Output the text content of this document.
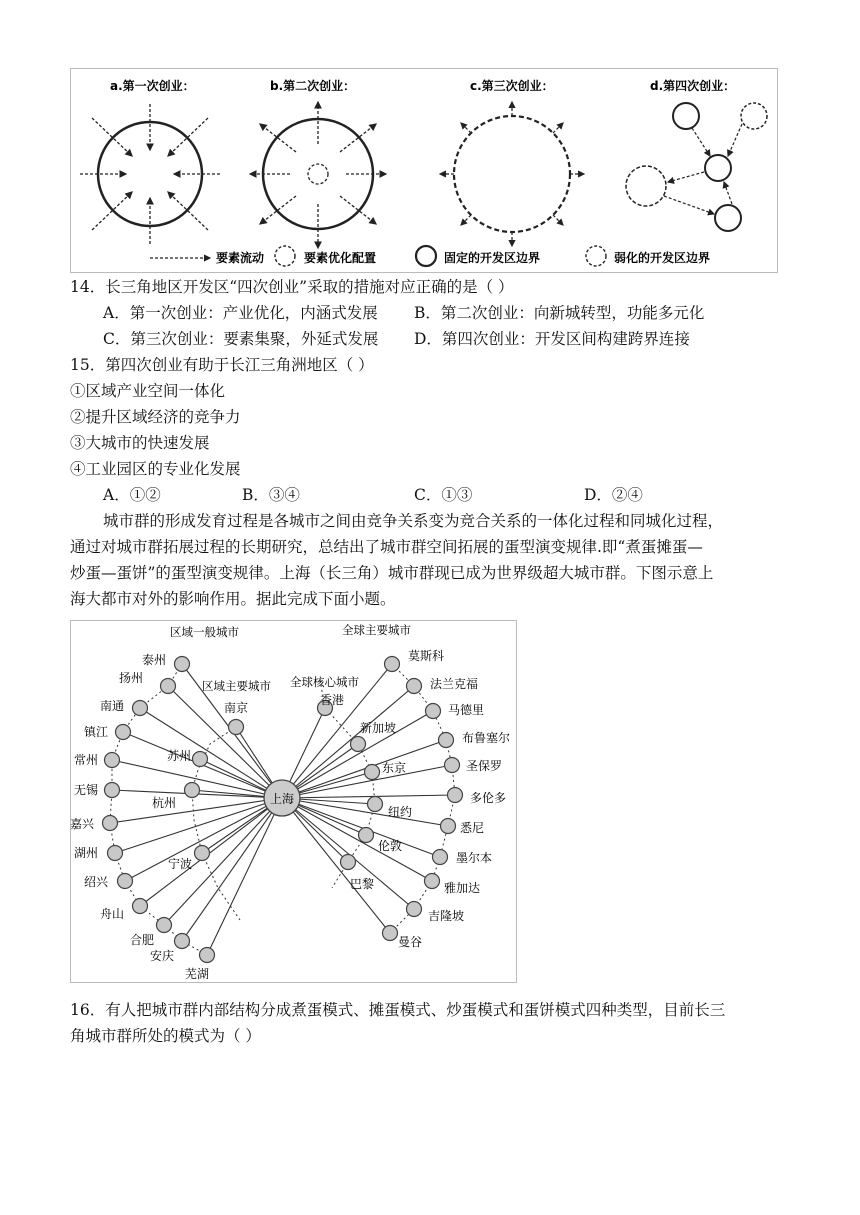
a.第一次创业：	b.第二次创业：	c.第三次创业：	d.第四次创业：
要素流动	要素优化配置	固定的开发区边界	弱化的开发区边界
14．长三角地区开发区“四次创业”采取的措施对应正确的是（ ）
A．第一次创业：产业优化，内涵式发展 B．第二次创业：向新城转型，功能多元化
C．第三次创业：要素集聚，外延式发展 D．第四次创业：开发区间构建跨界连接
15．第四次创业有助于长江三角洲地区（ ）
①区域产业空间一体化
②提升区域经济的竞争力
③大城市的快速发展
④工业园区的专业化发展
A．①②	B．③④	C．①③	D．②④
城市群的形成发育过程是各城市之间由竞争关系变为竞合关系的一体化过程和同城化过程，
通过对城市群拓展过程的长期研究，总结出了城市群空间拓展的蛋型演变规律.即“煮蛋摊蛋—
炒蛋—蛋饼”的蛋型演变规律。上海（长三角）城市群现已成为世界级超大城市群。下图示意上
海大都市对外的影响作用。据此完成下面小题。
泰州
扬州
南通
镇江
常州
无锡
嘉兴
湖州
绍兴
舟山
合肥
安庆
芜湖
南京
苏州
杭州
宁波
香港
新加坡
东京
纽约
伦敦
巴黎
莫斯科
法兰克福
马德里
布鲁塞尔
圣保罗
多伦多
悉尼
墨尔本
雅加达
吉隆坡
曼谷
上海
区域一般城市
区域主要城市 全球核心城市
全球主要城市
16．有人把城市群内部结构分成煮蛋模式、摊蛋模式、炒蛋模式和蛋饼模式四种类型，目前长三
角城市群所处的模式为（ ）
